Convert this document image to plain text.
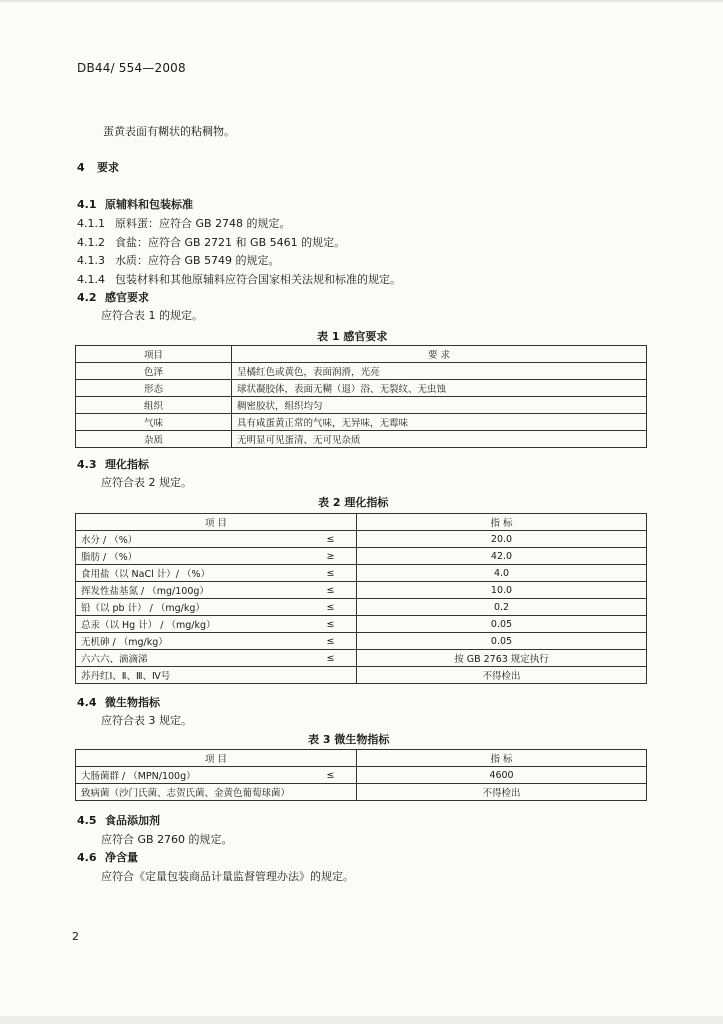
DB44/ 554—2008
蛋黄表面有糊状的粘稠物。
4 要求
4.1 原辅料和包装标准
4.1.1 原料蛋：应符合 GB 2748 的规定。
4.1.2 食盐：应符合 GB 2721 和 GB 5461 的规定。
4.1.3 水质：应符合 GB 5749 的规定。
4.1.4 包装材料和其他原辅料应符合国家相关法规和标准的规定。
4.2 感官要求
应符合表 1 的规定。
表 1 感官要求
项目	要 求
色泽	呈橘红色或黄色，表面润滑，光亮
形态	球状凝胶体，表面无糊（退）浴、无裂纹、无虫蚀
组织	稠密胶状，组织均匀
气味	具有咸蛋黄正常的气味，无异味，无霉味
杂质	无明显可见蛋清、无可见杂质
4.3 理化指标
应符合表 2 规定。
表 2 理化指标
项 目		指 标
水分 / （%）	≤	20.0
脂肪 / （%）	≥	42.0
食用盐（以 NaCl 计）/ （%）	≤	4.0
挥发性盐基氮 / （mg/100g）	≤	10.0
铅（以 pb 计） / （mg/kg）	≤	0.2
总汞（以 Hg 计） / （mg/kg）	≤	0.05
无机砷 / （mg/kg）	≤	0.05
六六六、滴滴涕	≤	按 GB 2763 规定执行
苏丹红Ⅰ、Ⅱ、Ⅲ、Ⅳ号		不得检出
4.4 微生物指标
应符合表 3 规定。
表 3 微生物指标
项 目		指 标
大肠菌群 / （MPN/100g）	≤	4600
致病菌（沙门氏菌、志贺氏菌、金黄色葡萄球菌）		不得检出
4.5 食品添加剂
应符合 GB 2760 的规定。
4.6 净含量
应符合《定量包装商品计量监督管理办法》的规定。
2
